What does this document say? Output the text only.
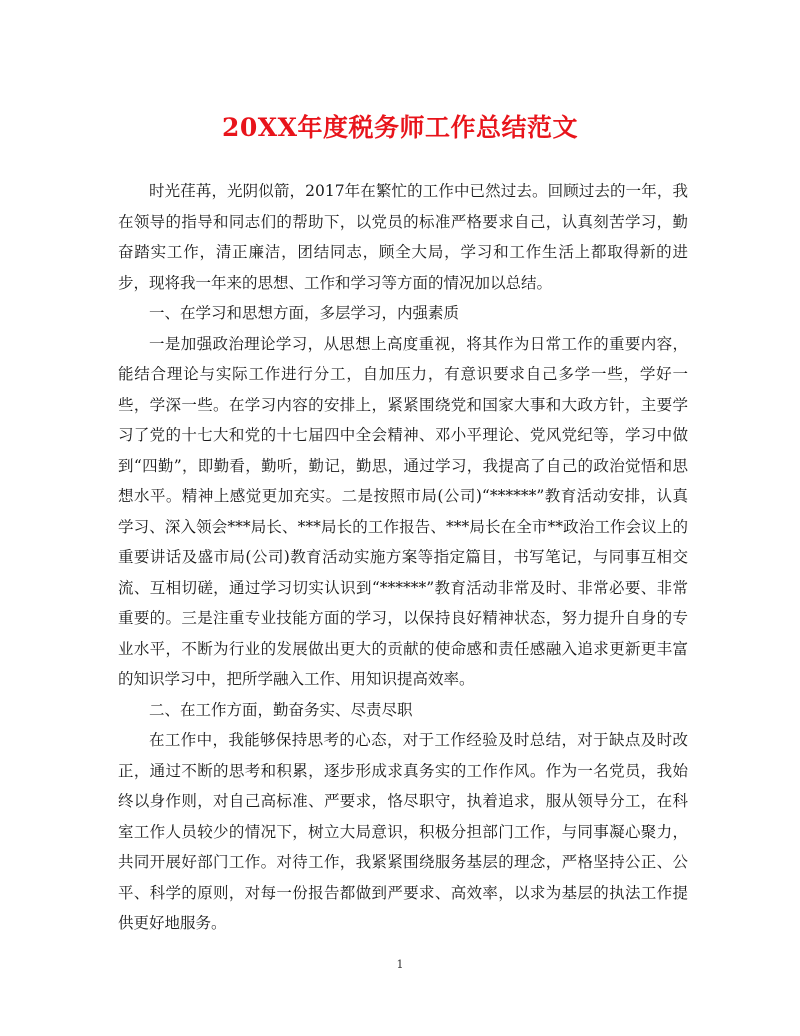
20XX年度税务师工作总结范文

时光荏苒，光阴似箭，2017年在繁忙的工作中已然过去。回顾过去的一年，我在领导的指导和同志们的帮助下，以党员的标准严格要求自己，认真刻苦学习，勤奋踏实工作，清正廉洁，团结同志，顾全大局，学习和工作生活上都取得新的进步，现将我一年来的思想、工作和学习等方面的情况加以总结。

一、在学习和思想方面，多层学习，内强素质

一是加强政治理论学习，从思想上高度重视，将其作为日常工作的重要内容，能结合理论与实际工作进行分工，自加压力，有意识要求自己多学一些，学好一些，学深一些。在学习内容的安排上，紧紧围绕党和国家大事和大政方针，主要学习了党的十七大和党的十七届四中全会精神、邓小平理论、党风党纪等，学习中做到“四勤”，即勤看，勤听，勤记，勤思，通过学习，我提高了自己的政治觉悟和思想水平。精神上感觉更加充实。二是按照市局(公司)“******”教育活动安排，认真学习、深入领会***局长、***局长的工作报告、***局长在全市**政治工作会议上的重要讲话及盛市局(公司)教育活动实施方案等指定篇目，书写笔记，与同事互相交流、互相切磋，通过学习切实认识到“******”教育活动非常及时、非常必要、非常重要的。三是注重专业技能方面的学习，以保持良好精神状态，努力提升自身的专业水平，不断为行业的发展做出更大的贡献的使命感和责任感融入追求更新更丰富的知识学习中，把所学融入工作、用知识提高效率。

二、在工作方面，勤奋务实、尽责尽职

在工作中，我能够保持思考的心态，对于工作经验及时总结，对于缺点及时改正，通过不断的思考和积累，逐步形成求真务实的工作作风。作为一名党员，我始终以身作则，对自己高标准、严要求，恪尽职守，执着追求，服从领导分工，在科室工作人员较少的情况下，树立大局意识，积极分担部门工作，与同事凝心聚力，共同开展好部门工作。对待工作，我紧紧围绕服务基层的理念，严格坚持公正、公平、科学的原则，对每一份报告都做到严要求、高效率，以求为基层的执法工作提供更好地服务。

1
